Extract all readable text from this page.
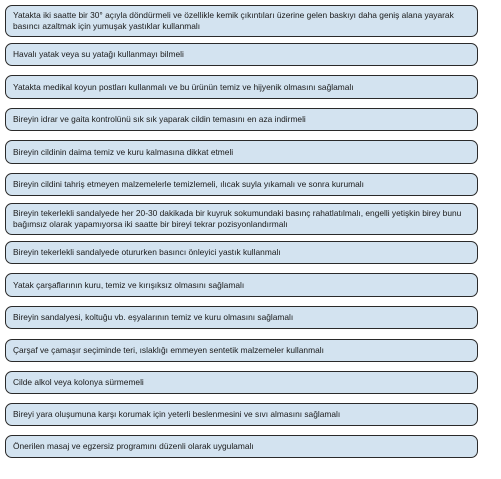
Yatakta iki saatte bir 30° açıyla döndürmeli ve özellikle kemik çıkıntıları üzerine gelen baskıyı daha geniş alana yayarak basıncı azaltmak için yumuşak yastıklar kullanmalı
Havalı yatak veya su yatağı kullanmayı bilmeli
Yatakta medikal koyun postları kullanmalı ve bu ürünün temiz ve hijyenik olmasını sağlamalı
Bireyin idrar ve gaita kontrolünü sık sık yaparak cildin temasını en aza indirmeli
Bireyin cildinin daima temiz ve kuru kalmasına dikkat etmeli
Bireyin cildini tahriş etmeyen malzemelerle temizlemeli, ılıcak suyla yıkamalı ve sonra kurumalı
Bireyin tekerlekli sandalyede her 20-30 dakikada bir kuyruk sokumundaki basınç rahatlatılmalı, engelli yetişkin birey bunu bağımsız olarak yapamıyorsa iki saatte bir bireyi tekrar pozisyonlandırmalı
Bireyin tekerlekli sandalyede otururken basıncı önleyici yastık kullanmalı
Yatak çarşaflarının kuru, temiz ve kırışıksız olmasını sağlamalı
Bireyin sandalyesi, koltuğu vb. eşyalarının temiz ve kuru olmasını sağlamalı
Çarşaf ve çamaşır seçiminde teri, ıslaklığı emmeyen sentetik malzemeler kullanmalı
Cilde alkol veya kolonya sürmemeli
Bireyi yara oluşumuna karşı korumak için yeterli beslenmesini ve sıvı almasını sağlamalı
Önerilen masaj ve egzersiz programını düzenli olarak uygulamalı
